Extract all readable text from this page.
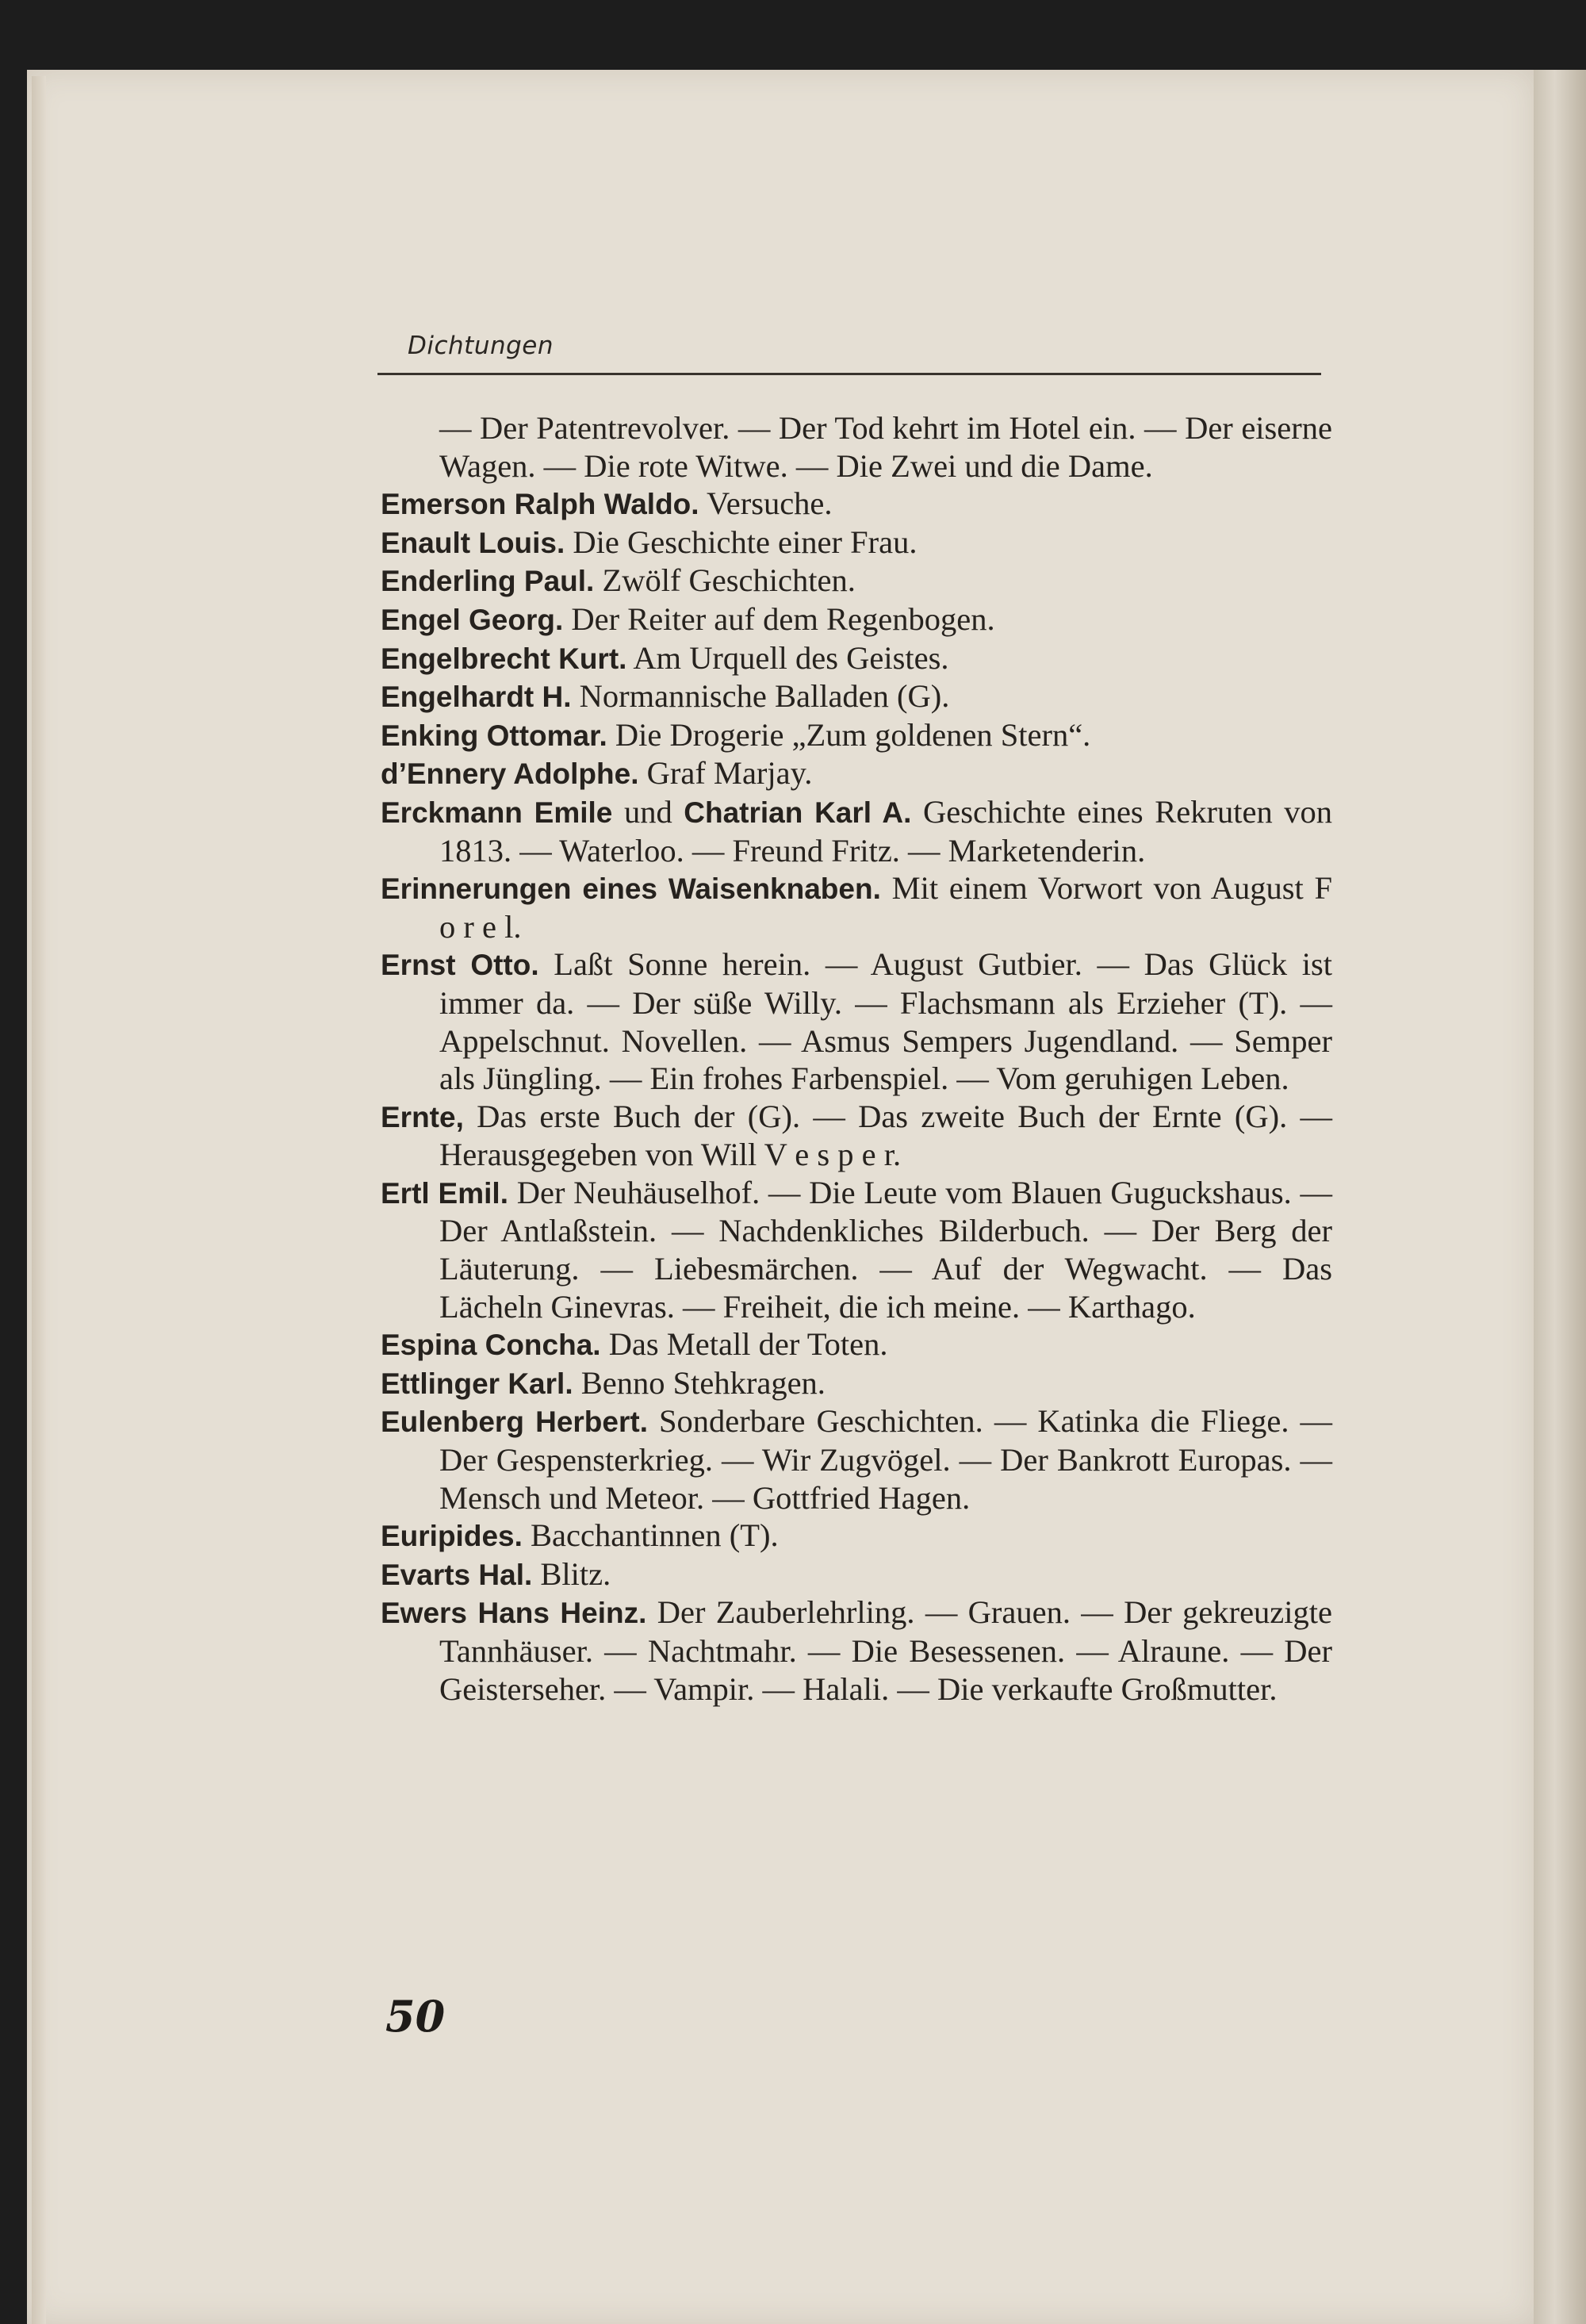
Dichtungen
— Der Patentrevolver. — Der Tod kehrt im Hotel ein. — Der eiserne Wagen. — Die rote Witwe. — Die Zwei und die Dame.
Emerson Ralph Waldo. Versuche.
Enault Louis. Die Geschichte einer Frau.
Enderling Paul. Zwölf Geschichten.
Engel Georg. Der Reiter auf dem Regenbogen.
Engelbrecht Kurt. Am Urquell des Geistes.
Engelhardt H. Normannische Balladen (G).
Enking Ottomar. Die Drogerie „Zum goldenen Stern“.
d’Ennery Adolphe. Graf Marjay.
Erckmann Emile und Chatrian Karl A. Geschichte eines Rekruten von 1813. — Waterloo. — Freund Fritz. — Marketenderin.
Erinnerungen eines Waisenknaben. Mit einem Vorwort von August F o r e l.
Ernst Otto. Laßt Sonne herein. — August Gutbier. — Das Glück ist immer da. — Der süße Willy. — Flachsmann als Erzieher (T). — Appelschnut. Novellen. — Asmus Sempers Jugendland. — Semper als Jüngling. — Ein frohes Farbenspiel. — Vom geruhigen Leben.
Ernte, Das erste Buch der (G). — Das zweite Buch der Ernte (G). — Herausgegeben von Will V e s p e r.
Ertl Emil. Der Neuhäuselhof. — Die Leute vom Blauen Guguckshaus. — Der Antlaßstein. — Nachdenkliches Bilderbuch. — Der Berg der Läuterung. — Liebesmärchen. — Auf der Wegwacht. — Das Lächeln Ginevras. — Freiheit, die ich meine. — Karthago.
Espina Concha. Das Metall der Toten.
Ettlinger Karl. Benno Stehkragen.
Eulenberg Herbert. Sonderbare Geschichten. — Katinka die Fliege. — Der Gespensterkrieg. — Wir Zugvögel. — Der Bankrott Europas. — Mensch und Meteor. — Gottfried Hagen.
Euripides. Bacchantinnen (T).
Evarts Hal. Blitz.
Ewers Hans Heinz. Der Zauberlehrling. — Grauen. — Der gekreuzigte Tannhäuser. — Nachtmahr. — Die Besessenen. — Alraune. — Der Geisterseher. — Vampir. — Halali. — Die verkaufte Großmutter.
50
